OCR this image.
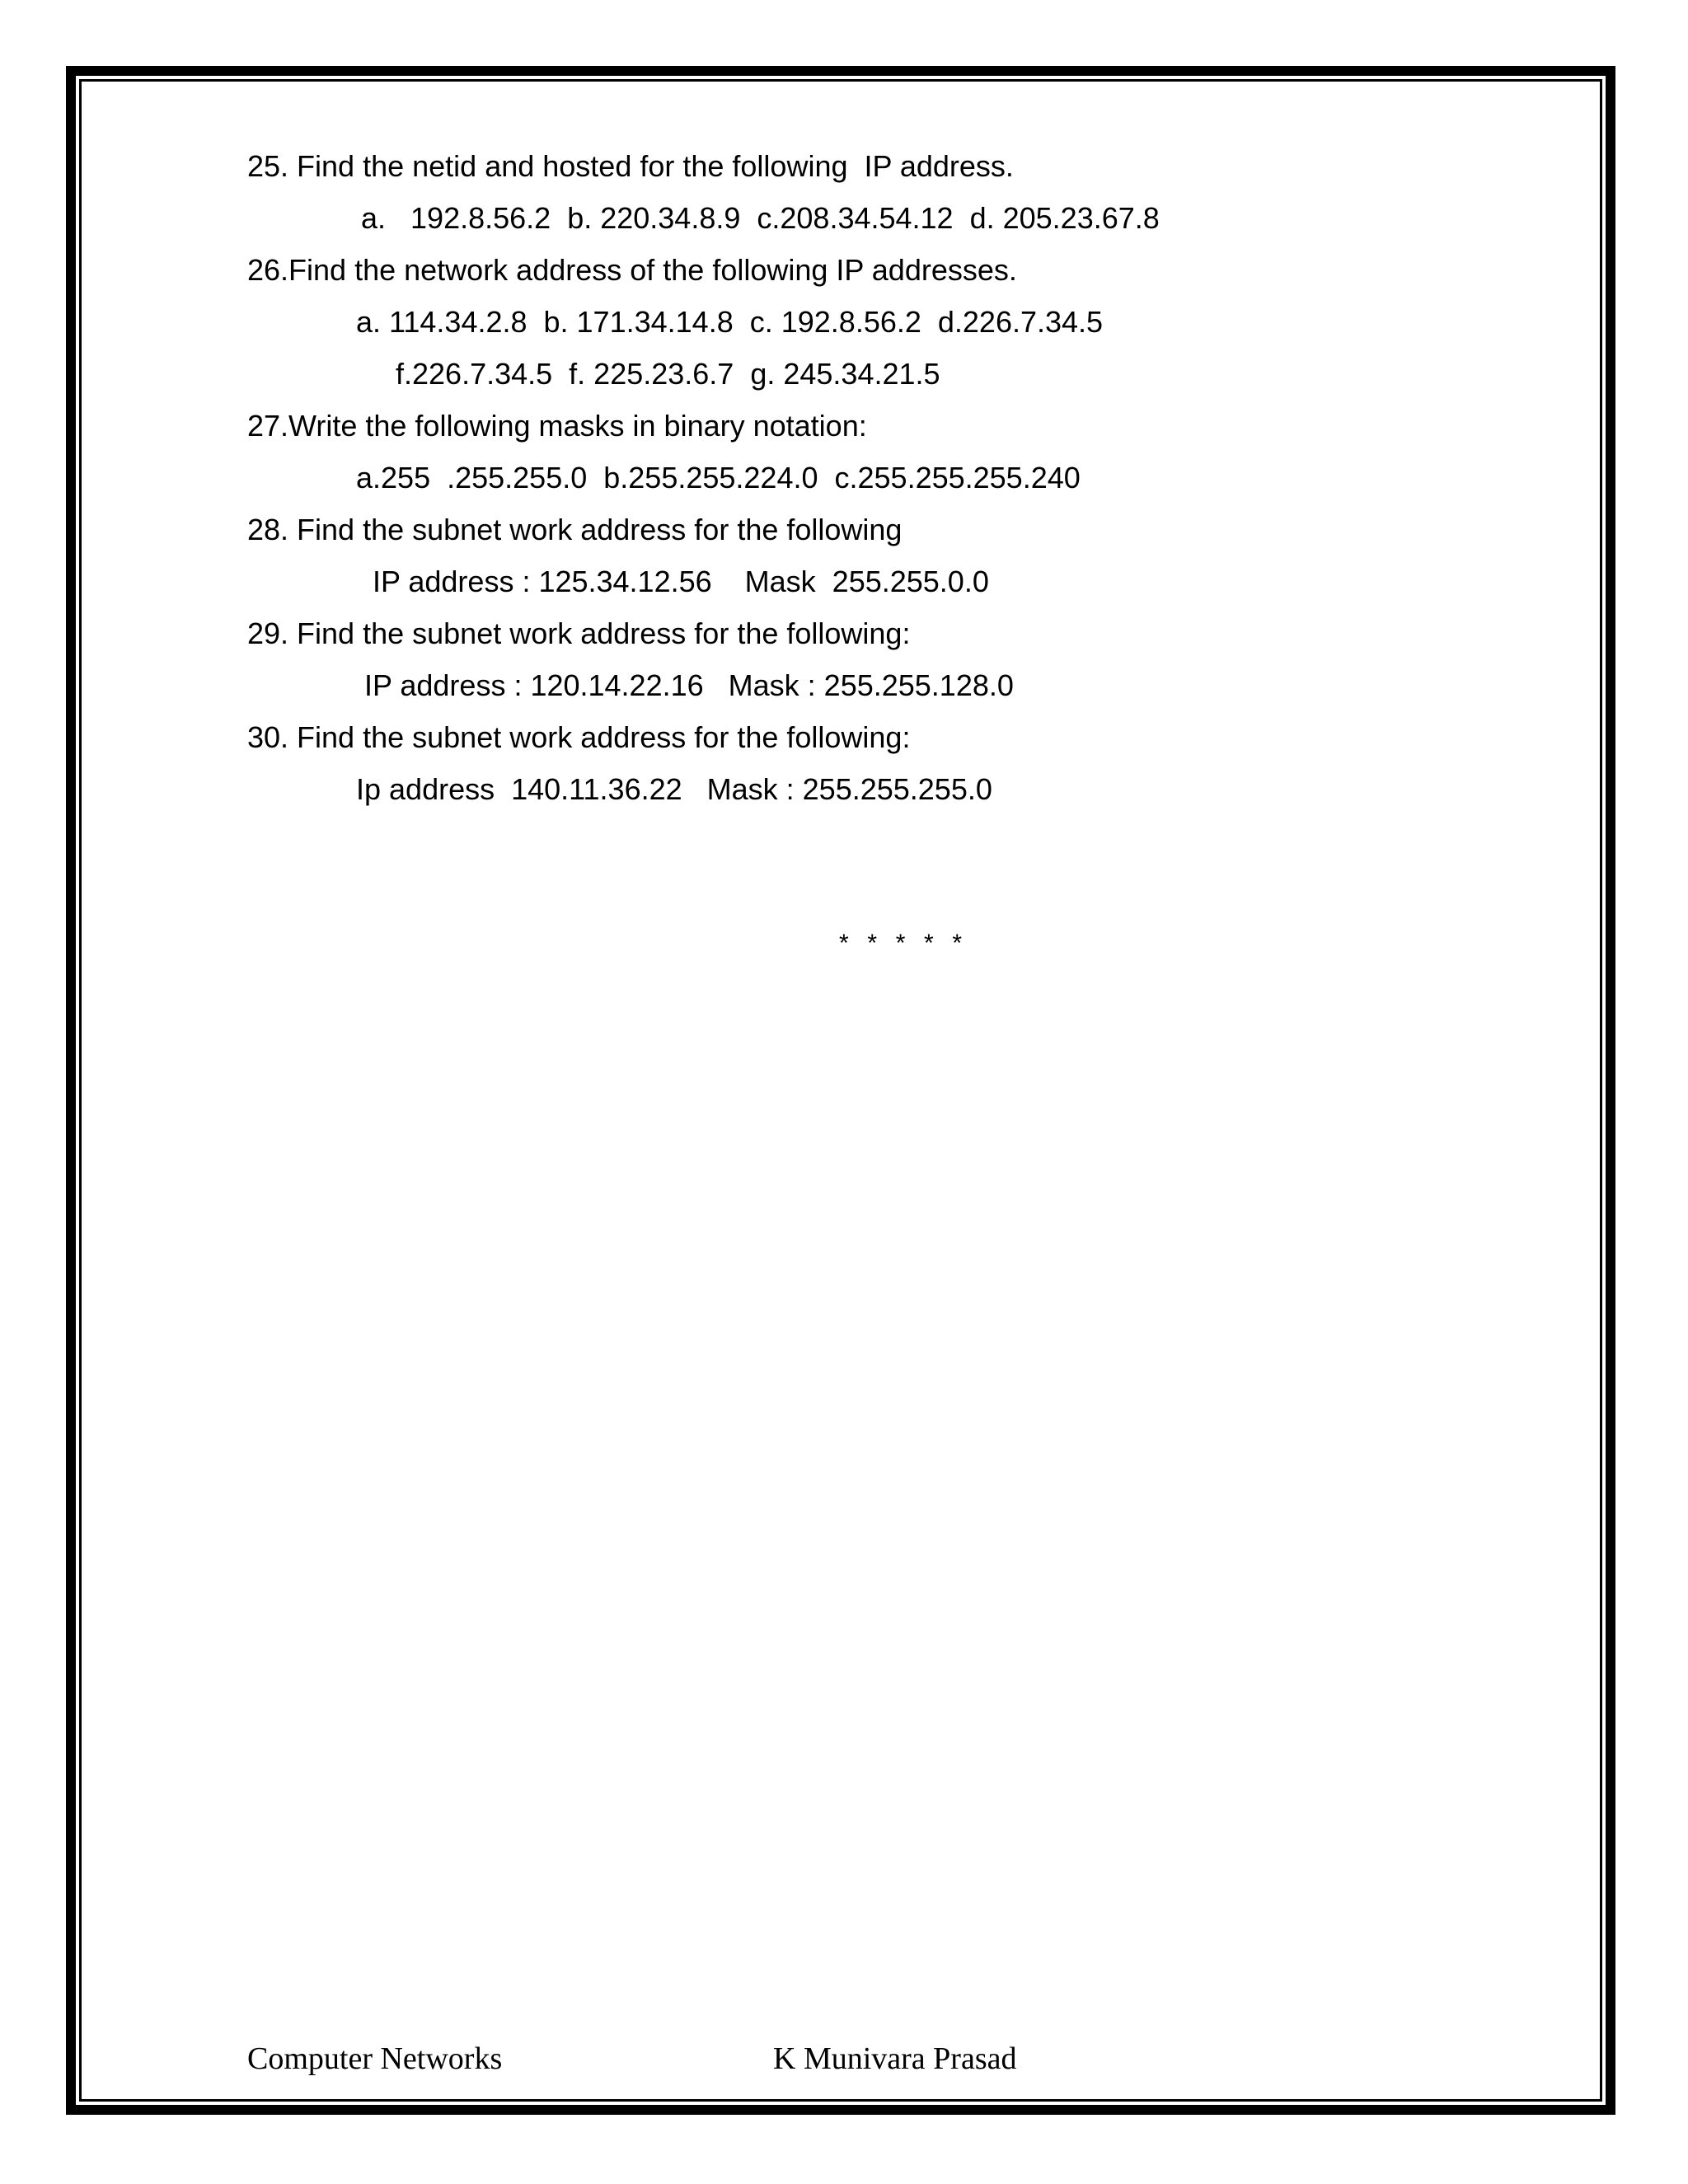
25. Find the netid and hosted for the following  IP address.
a.   192.8.56.2  b. 220.34.8.9  c.208.34.54.12  d. 205.23.67.8
26.Find the network address of the following IP addresses.
a. 114.34.2.8  b. 171.34.14.8  c. 192.8.56.2  d.226.7.34.5
f.226.7.34.5  f. 225.23.6.7  g. 245.34.21.5
27.Write the following masks in binary notation:
a.255  .255.255.0  b.255.255.224.0  c.255.255.255.240
28. Find the subnet work address for the following
IP address : 125.34.12.56    Mask  255.255.0.0
29. Find the subnet work address for the following:
IP address : 120.14.22.16   Mask : 255.255.128.0
30. Find the subnet work address for the following:
Ip address  140.11.36.22   Mask : 255.255.255.0
*  *  *  *  *
Computer Networks	K Munivara Prasad
